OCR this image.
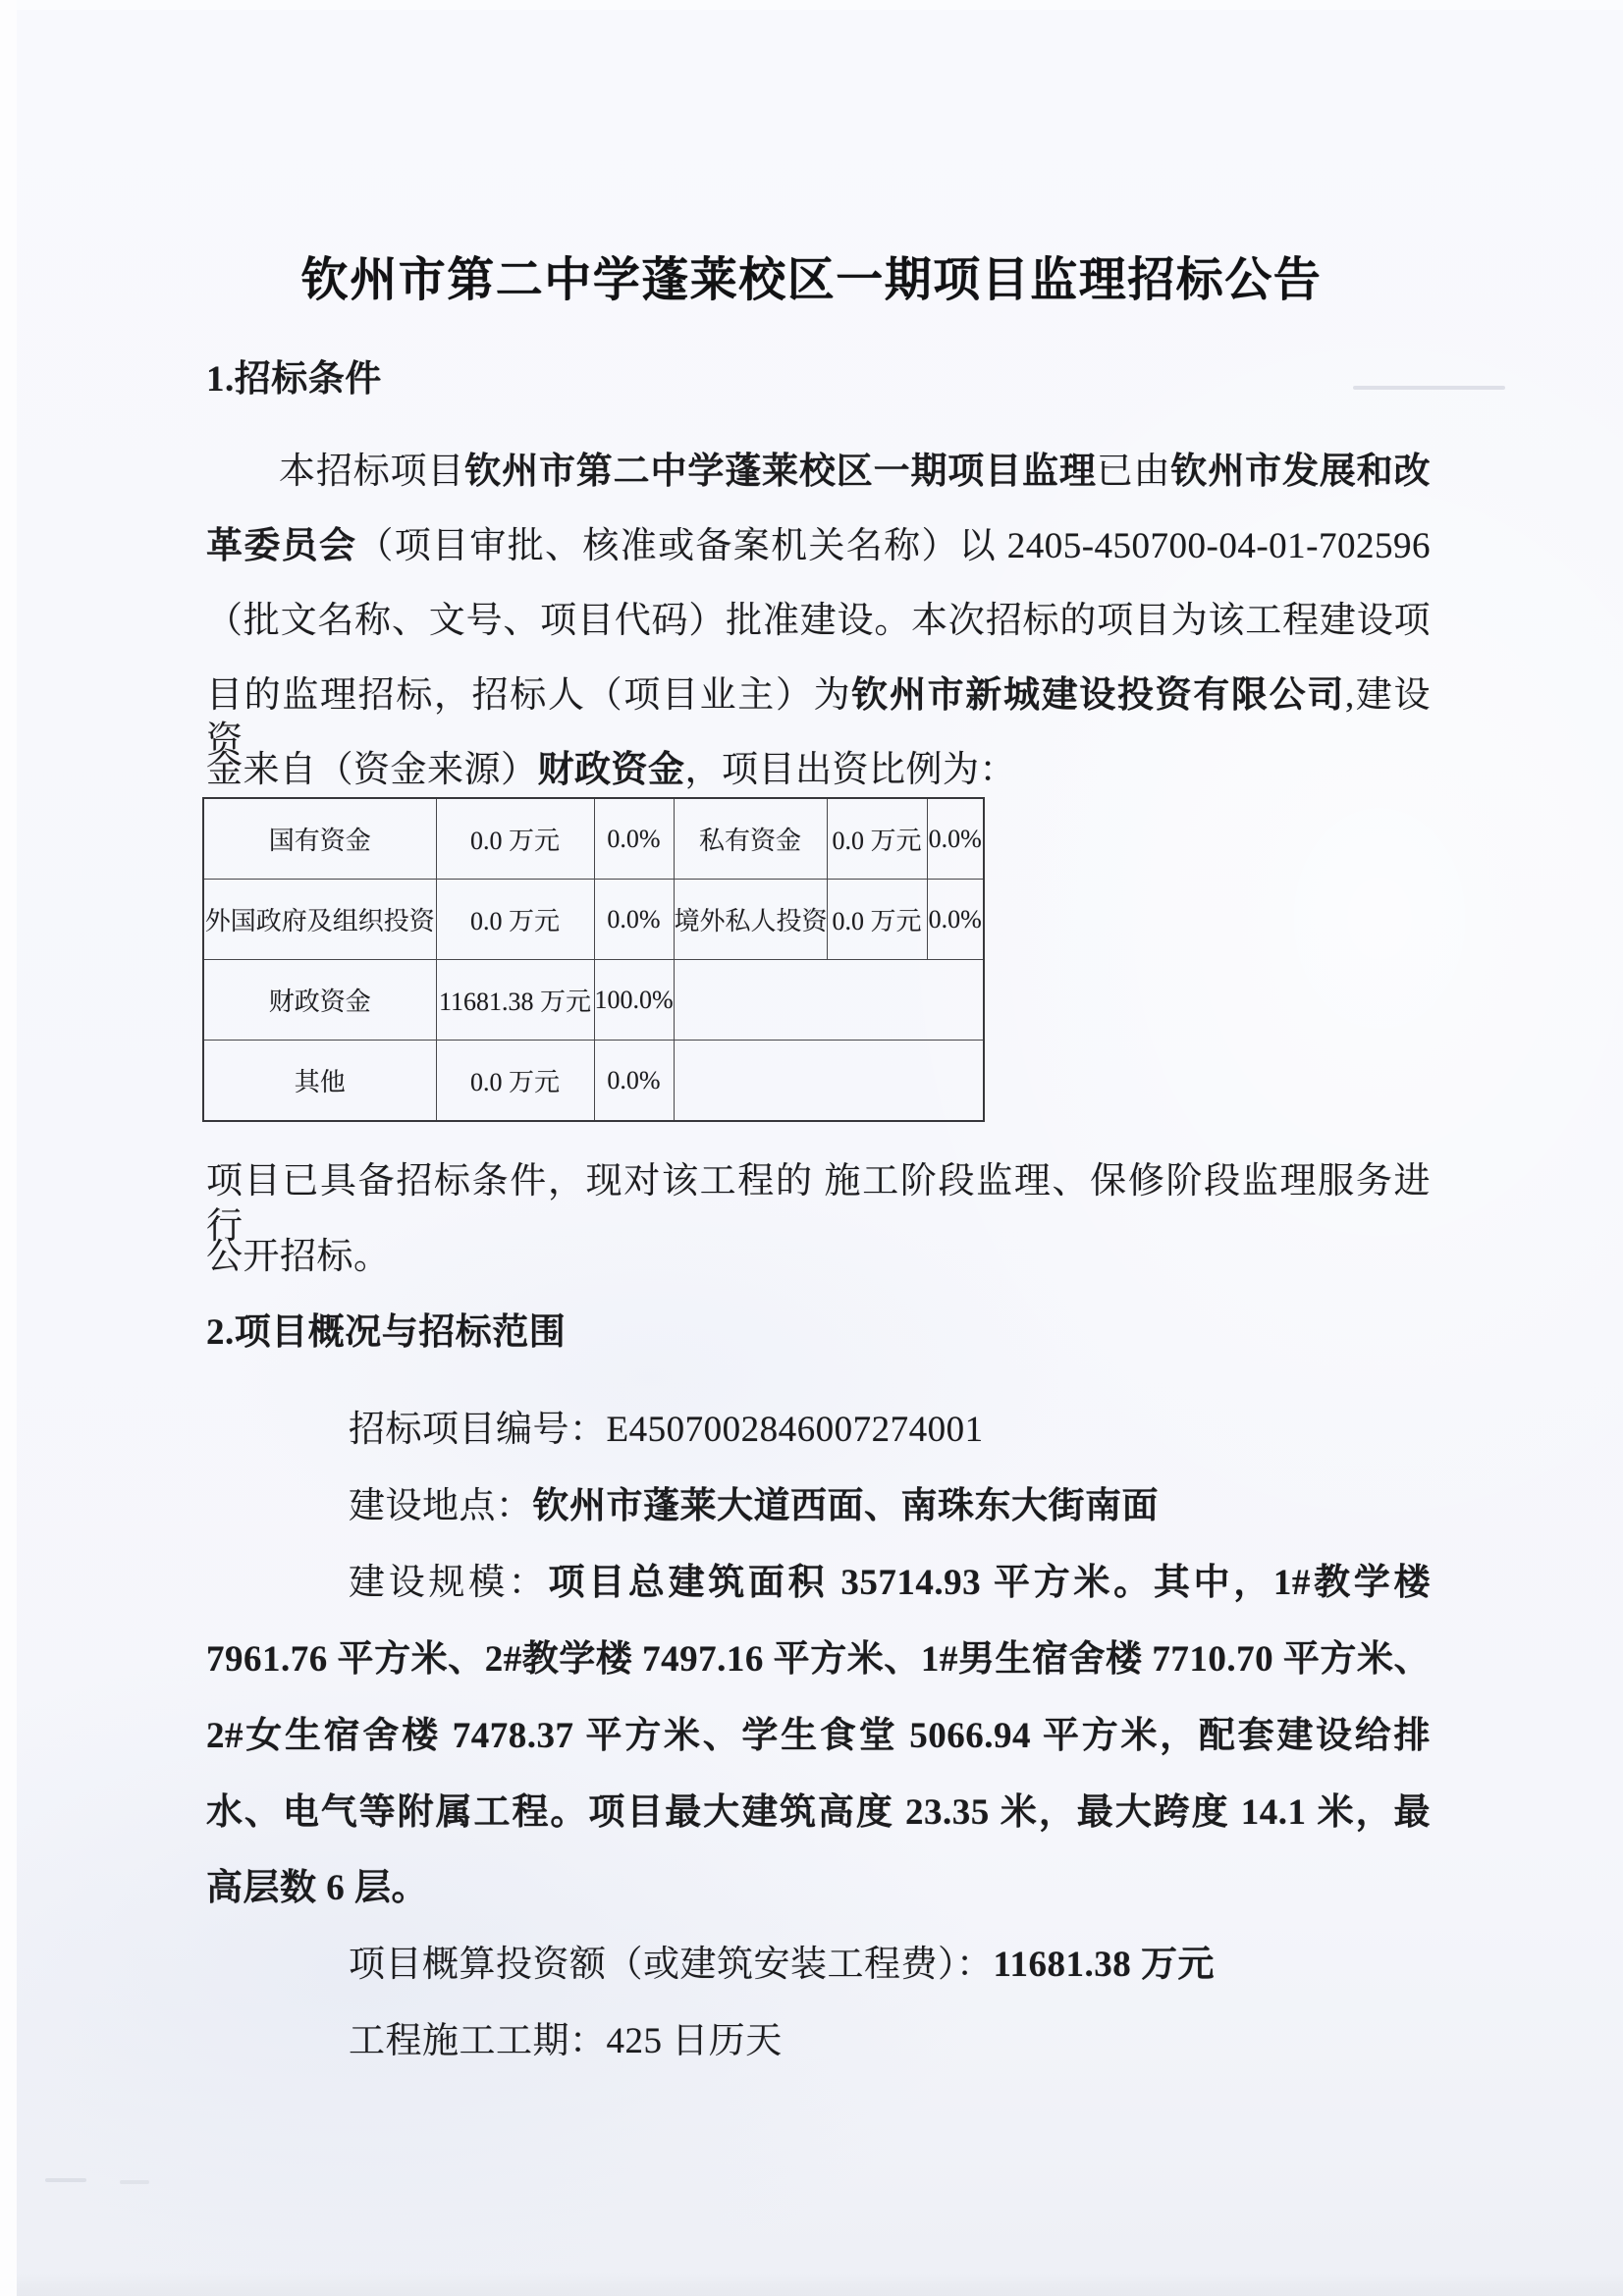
钦州市第二中学蓬莱校区一期项目监理招标公告
1.招标条件
本招标项目钦州市第二中学蓬莱校区一期项目监理已由钦州市发展和改
革委员会（项目审批、核准或备案机关名称）以 2405-450700-04-01-702596
（批文名称、文号、项目代码）批准建设。本次招标的项目为该工程建设项
目的监理招标，招标人（项目业主）为钦州市新城建设投资有限公司,建设资
金来自（资金来源）财政资金，项目出资比例为：
国有资金	0.0 万元	0.0%	私有资金	0.0 万元	0.0%
外国政府及组织投资	0.0 万元	0.0%	境外私人投资	0.0 万元	0.0%
财政资金	11681.38 万元	100.0%			
其他	0.0 万元	0.0%			
项目已具备招标条件，现对该工程的 施工阶段监理、保修阶段监理服务进行
公开招标。
2.项目概况与招标范围
招标项目编号：E4507002846007274001
建设地点：钦州市蓬莱大道西面、南珠东大街南面
建设规模：项目总建筑面积 35714.93 平方米。其中，1#教学楼
7961.76 平方米、2#教学楼 7497.16 平方米、1#男生宿舍楼 7710.70 平方米、
2#女生宿舍楼 7478.37 平方米、学生食堂 5066.94 平方米，配套建设给排
水、电气等附属工程。项目最大建筑高度 23.35 米，最大跨度 14.1 米，最
高层数 6 层。
项目概算投资额（或建筑安装工程费）：11681.38 万元
工程施工工期：425 日历天
